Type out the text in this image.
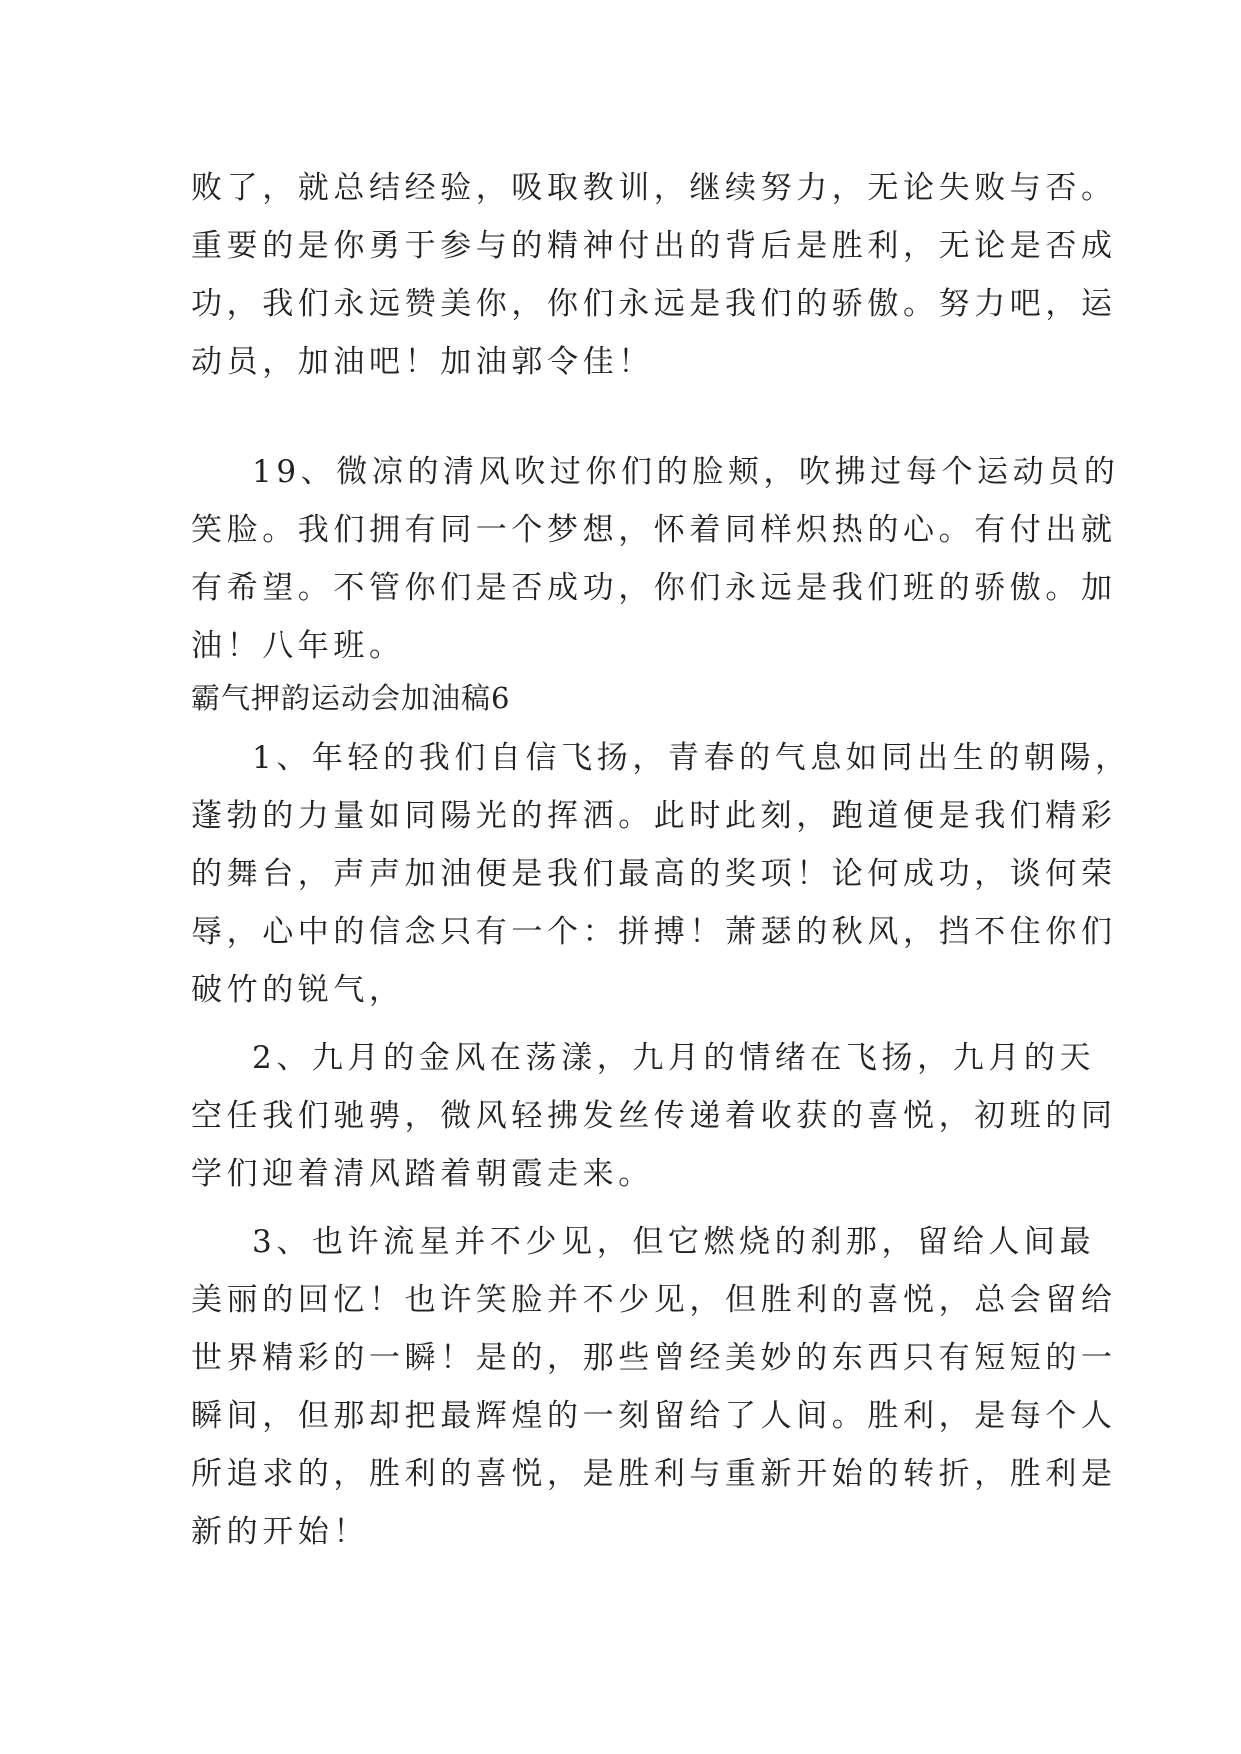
败了，就总结经验，吸取教训，继续努力，无论失败与否。
重要的是你勇于参与的精神付出的背后是胜利，无论是否成
功，我们永远赞美你，你们永远是我们的骄傲。努力吧，运
动员，加油吧！加油郭令佳！
19、微凉的清风吹过你们的脸颊，吹拂过每个运动员的
笑脸。我们拥有同一个梦想，怀着同样炽热的心。有付出就
有希望。不管你们是否成功，你们永远是我们班的骄傲。加
油！八年班。
霸气押韵运动会加油稿6
1、年轻的我们自信飞扬，青春的气息如同出生的朝陽，
蓬勃的力量如同陽光的挥洒。此时此刻，跑道便是我们精彩
的舞台，声声加油便是我们最高的奖项！论何成功，谈何荣
辱，心中的信念只有一个：拼搏！萧瑟的秋风，挡不住你们
破竹的锐气，
2、九月的金风在荡漾，九月的情绪在飞扬，九月的天
空任我们驰骋，微风轻拂发丝传递着收获的喜悦，初班的同
学们迎着清风踏着朝霞走来。
3、也许流星并不少见，但它燃烧的刹那，留给人间最
美丽的回忆！也许笑脸并不少见，但胜利的喜悦，总会留给
世界精彩的一瞬！是的，那些曾经美妙的东西只有短短的一
瞬间，但那却把最辉煌的一刻留给了人间。胜利，是每个人
所追求的，胜利的喜悦，是胜利与重新开始的转折，胜利是
新的开始！
